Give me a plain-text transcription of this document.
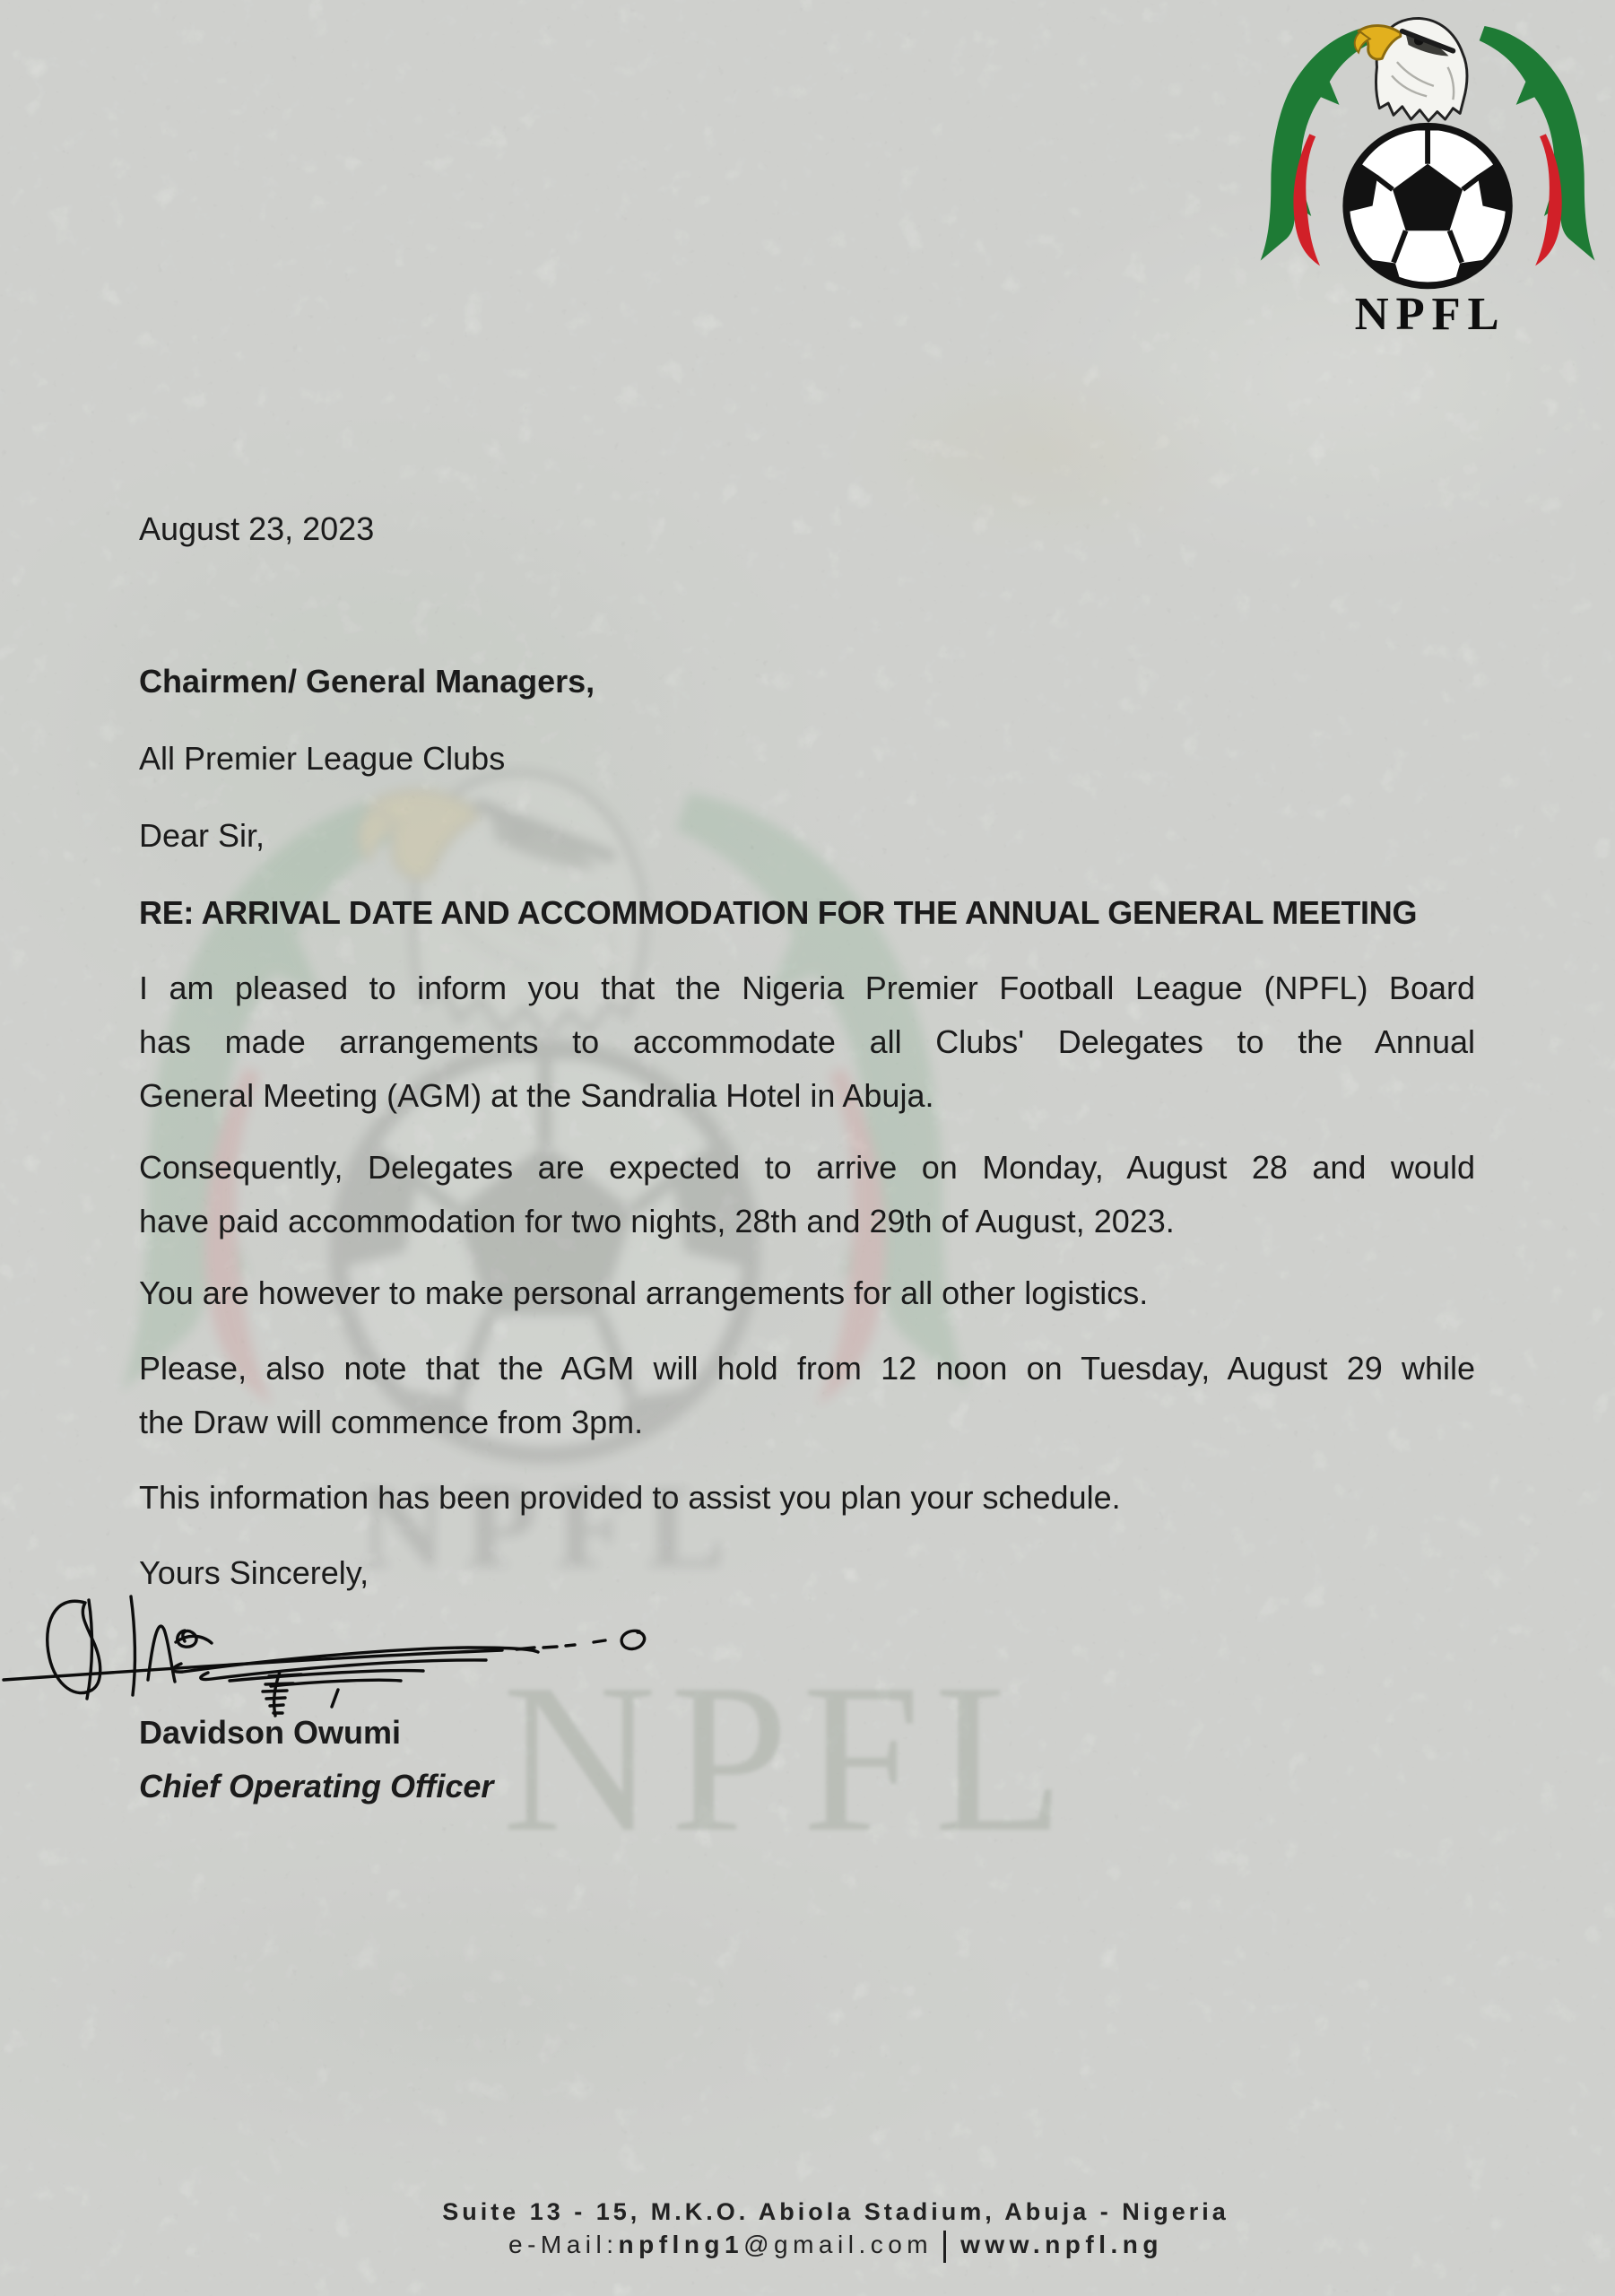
NPFL
August 23, 2023
Chairmen/ General Managers,
All Premier League Clubs
Dear Sir,
RE: ARRIVAL DATE AND ACCOMMODATION FOR THE ANNUAL GENERAL MEETING
I am pleased to inform you that the Nigeria Premier Football League (NPFL) Board
has made arrangements to accommodate all Clubs' Delegates to the Annual
General Meeting (AGM) at the Sandralia Hotel in Abuja.
Consequently, Delegates are expected to arrive on Monday, August 28 and would
have paid accommodation for two nights, 28th and 29th of August, 2023.
You are however to make personal arrangements for all other logistics.
Please, also note that the AGM will hold from 12 noon on Tuesday, August 29 while
the Draw will commence from 3pm.
This information has been provided to assist you plan your schedule.
Yours Sincerely,
Davidson Owumi
Chief Operating Officer
Suite 13 - 15, M.K.O. Abiola Stadium, Abuja - Nigeria
e-Mail:npflng1@gmail.com www.npfl.ng
